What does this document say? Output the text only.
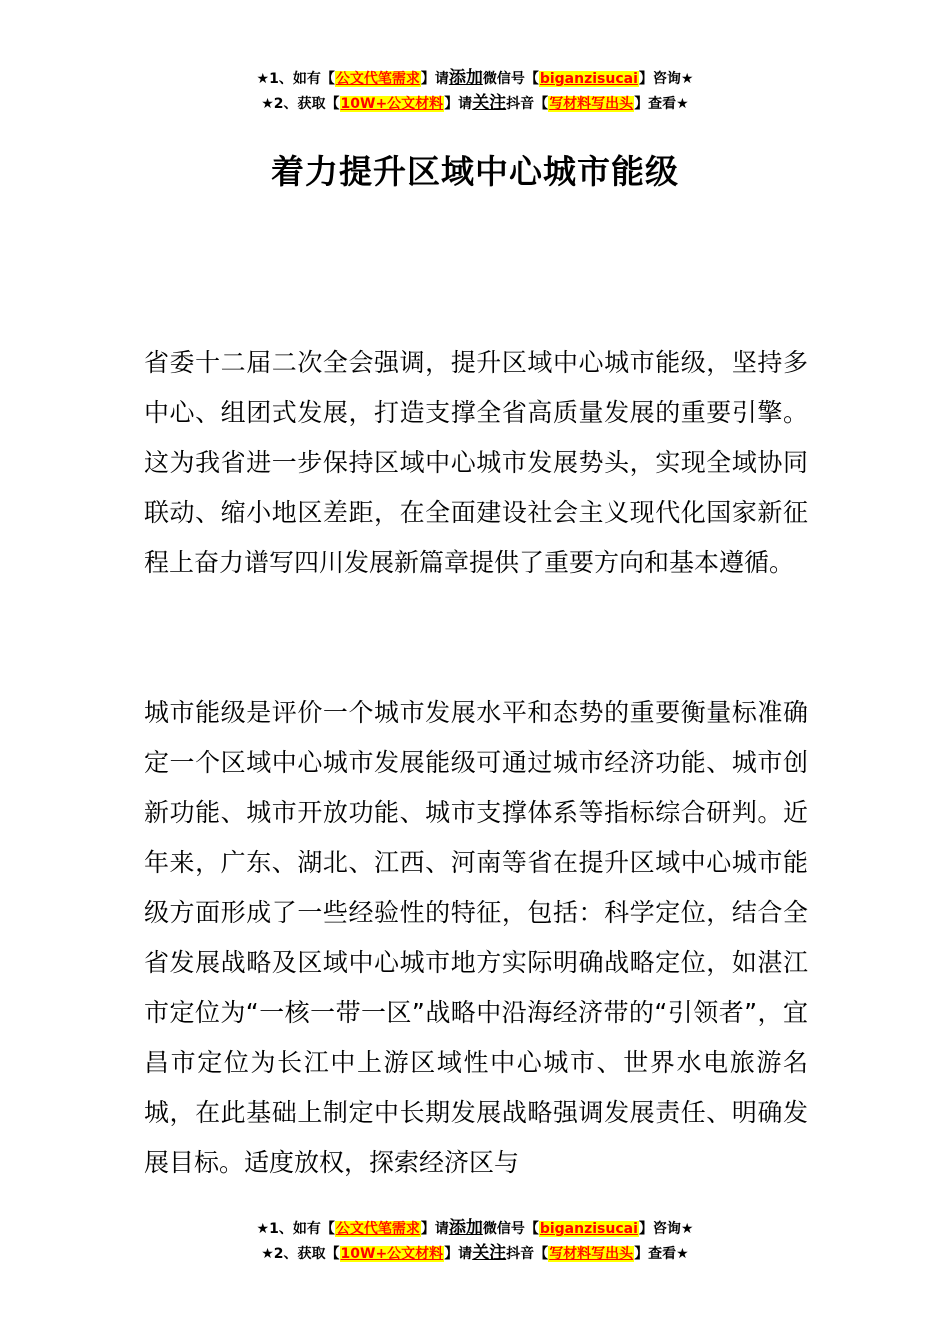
★1、如有【公文代笔需求】请添加微信号【biganzisucai】咨询★
★2、获取【10W+公文材料】请关注抖音【写材料写出头】查看★
着力提升区域中心城市能级

省委十二届二次全会强调，提升区域中心城市能级，坚持多中心、组团式发展，打造支撑全省高质量发展的重要引擎。这为我省进一步保持区域中心城市发展势头，实现全域协同联动、缩小地区差距，在全面建设社会主义现代化国家新征程上奋力谱写四川发展新篇章提供了重要方向和基本遵循。

城市能级是评价一个城市发展水平和态势的重要衡量标准确定一个区域中心城市发展能级可通过城市经济功能、城市创新功能、城市开放功能、城市支撑体系等指标综合研判。近年来，广东、湖北、江西、河南等省在提升区域中心城市能级方面形成了一些经验性的特征，包括：科学定位，结合全省发展战略及区域中心城市地方实际明确战略定位，如湛江市定位为“一核一带一区”战略中沿海经济带的“引领者”，宜昌市定位为长江中上游区域性中心城市、世界水电旅游名城，在此基础上制定中长期发展战略强调发展责任、明确发展目标。适度放权，探索经济区与

★1、如有【公文代笔需求】请添加微信号【biganzisucai】咨询★
★2、获取【10W+公文材料】请关注抖音【写材料写出头】查看★
